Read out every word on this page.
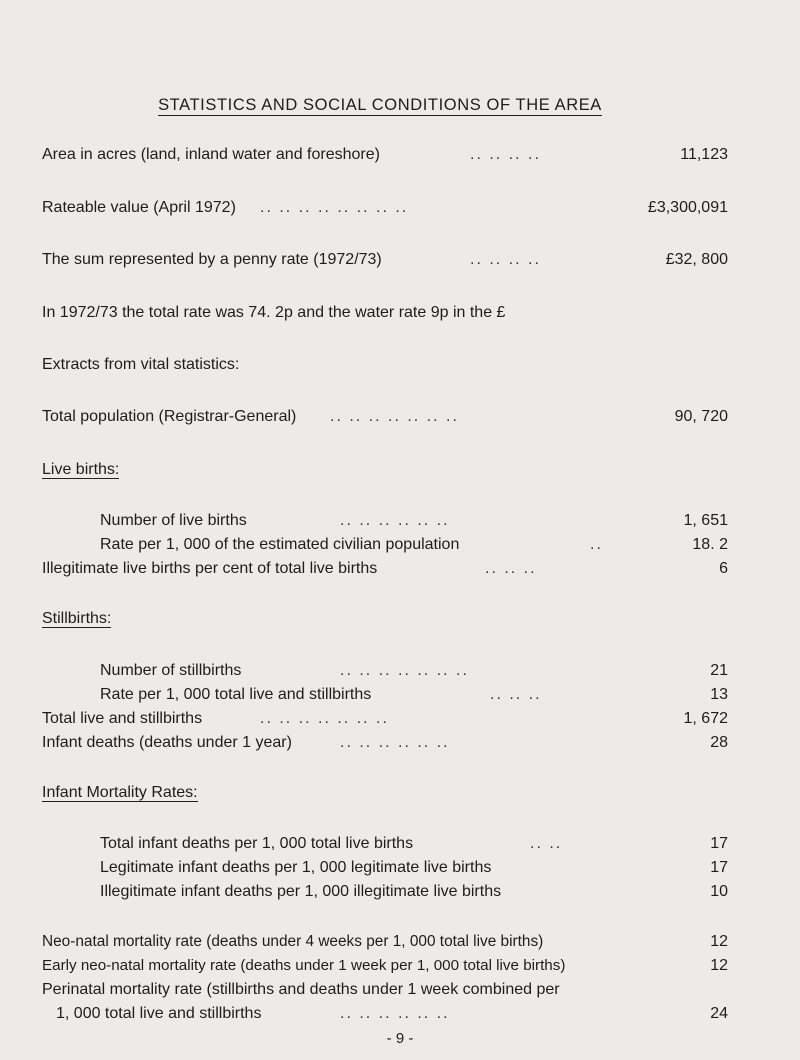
STATISTICS AND SOCIAL CONDITIONS OF THE AREA
Area in acres (land, inland water and foreshore)	.. .. .. ..	11,123
Rateable value (April 1972) .. .. .. .. .. .. .. ..	£3,300,091
The sum represented by a penny rate (1972/73)	.. .. .. ..	£32, 800
In 1972/73 the total rate was 74. 2p and the water rate 9p in the £
Extracts from vital statistics:
Total population (Registrar-General) .. .. .. .. .. .. ..	90, 720
Live births:
Number of live births	.. .. .. .. .. ..	1, 651
Rate per 1, 000 of the estimated civilian population	..	18. 2
Illegitimate live births per cent of total live births	.. .. ..	6
Stillbirths:
Number of stillbirths	.. .. .. .. .. .. ..	21
Rate per 1, 000 total live and stillbirths	.. .. ..	13
Total live and stillbirths	.. .. .. .. .. .. ..	1, 672
Infant deaths (deaths under 1 year)	.. .. .. .. .. ..	28
Infant Mortality Rates:
Total infant deaths per 1, 000 total live births	.. ..	17
Legitimate infant deaths per 1, 000 legitimate live births	17
Illegitimate infant deaths per 1, 000 illegitimate live births	10
Neo-natal mortality rate (deaths under 4 weeks per 1, 000 total live births)	12
Early neo-natal mortality rate (deaths under 1 week per 1, 000 total live births)	12
Perinatal mortality rate (stillbirths and deaths under 1 week combined per
1, 000 total live and stillbirths	.. .. .. .. .. ..	24
- 9 -
